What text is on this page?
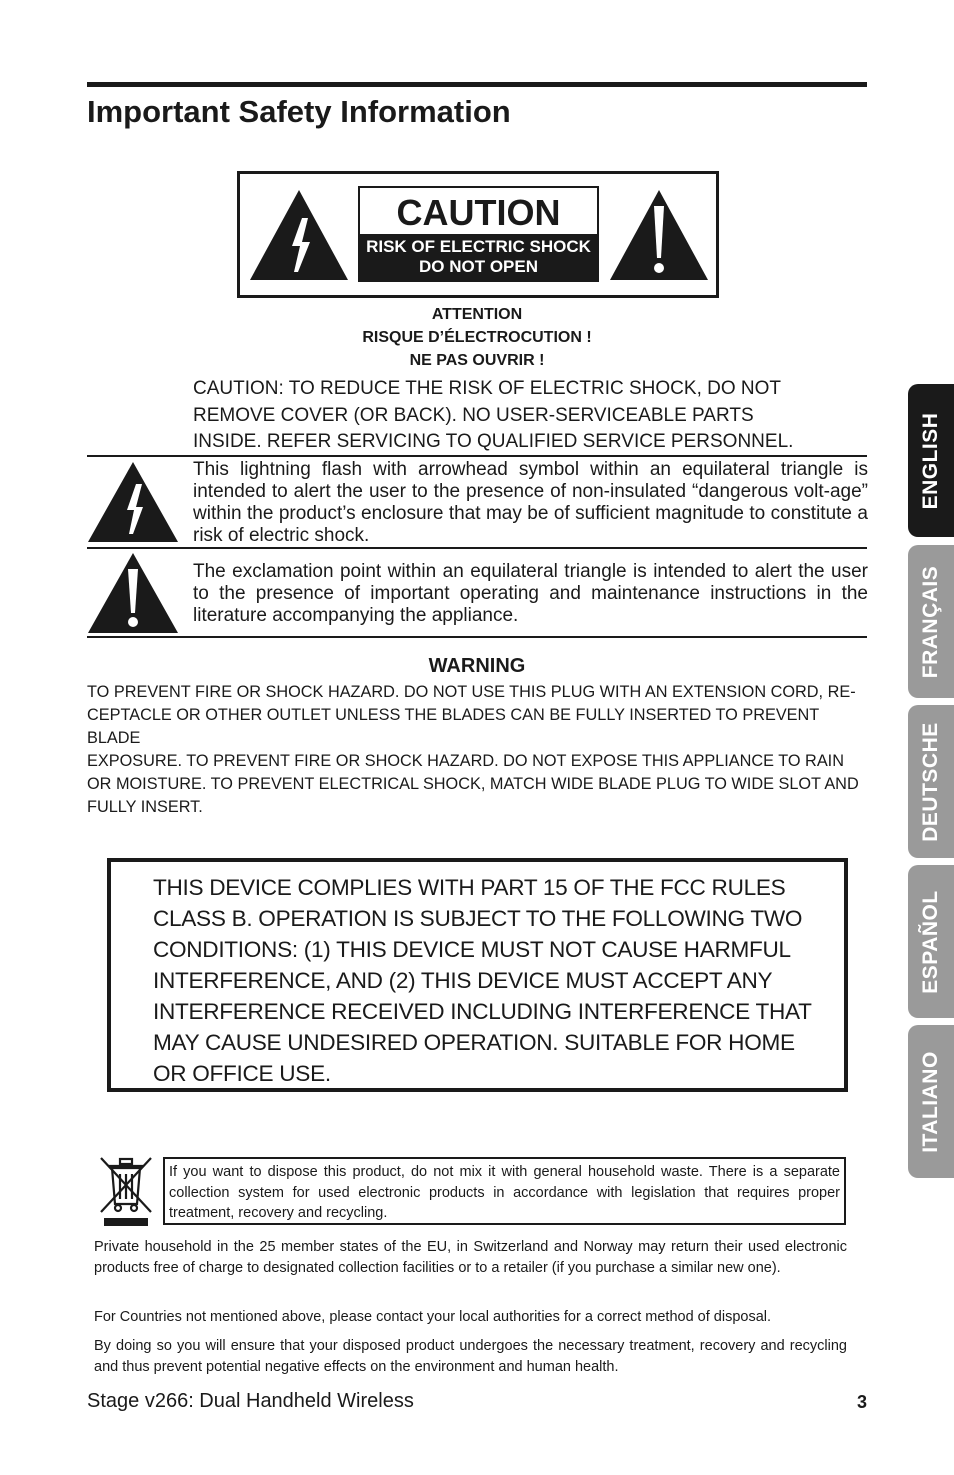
Important Safety Information
CAUTION
RISK OF ELECTRIC SHOCK
DO NOT OPEN
ATTENTION
RISQUE D’ÉLECTROCUTION !
NE PAS OUVRIR !
CAUTION: TO REDUCE THE RISK OF ELECTRIC SHOCK, DO NOT
REMOVE COVER (OR BACK). NO USER-SERVICEABLE PARTS
INSIDE. REFER SERVICING TO QUALIFIED SERVICE PERSONNEL.
This lightning flash with arrowhead symbol within an equilateral triangle is intended to alert the user to the presence of non-insulated “dangerous volt-age” within the product’s enclosure that may be of sufficient magnitude to constitute a risk of electric shock.
The exclamation point within an equilateral triangle is intended to alert the user to the presence of important operating and maintenance instructions in the literature accompanying the appliance.
WARNING
TO PREVENT FIRE OR SHOCK HAZARD. DO NOT USE THIS PLUG WITH AN EXTENSION CORD, RE-
CEPTACLE OR OTHER OUTLET UNLESS THE BLADES CAN BE FULLY INSERTED TO PREVENT BLADE
EXPOSURE. TO PREVENT FIRE OR SHOCK HAZARD. DO NOT EXPOSE THIS APPLIANCE TO RAIN
OR MOISTURE. TO PREVENT ELECTRICAL SHOCK, MATCH WIDE BLADE PLUG TO WIDE SLOT AND
FULLY INSERT.
THIS DEVICE COMPLIES WITH PART 15 OF THE FCC RULES
CLASS B. OPERATION IS SUBJECT TO THE FOLLOWING TWO
CONDITIONS: (1) THIS DEVICE MUST NOT CAUSE HARMFUL
INTERFERENCE, AND (2) THIS DEVICE MUST ACCEPT ANY
INTERFERENCE RECEIVED INCLUDING INTERFERENCE THAT
MAY CAUSE UNDESIRED OPERATION. SUITABLE FOR HOME
OR OFFICE USE.
If you want to dispose this product, do not mix it with general household waste. There is a separate collection system for used electronic products in accordance with legislation that requires proper treatment, recovery and recycling.
Private household in the 25 member states of the EU, in Switzerland and Norway may return their used electronic products free of charge to designated collection facilities or to a retailer (if you purchase a similar new one).
For Countries not mentioned above, please contact your local authorities for a correct method of disposal.
By doing so you will ensure that your disposed product undergoes the necessary treatment, recovery and recycling and thus prevent potential negative effects on the environment and human health.
Stage v266: Dual Handheld Wireless	3
ENGLISH
FRANÇAIS
DEUTSCHE
ESPAÑOL
ITALIANO
